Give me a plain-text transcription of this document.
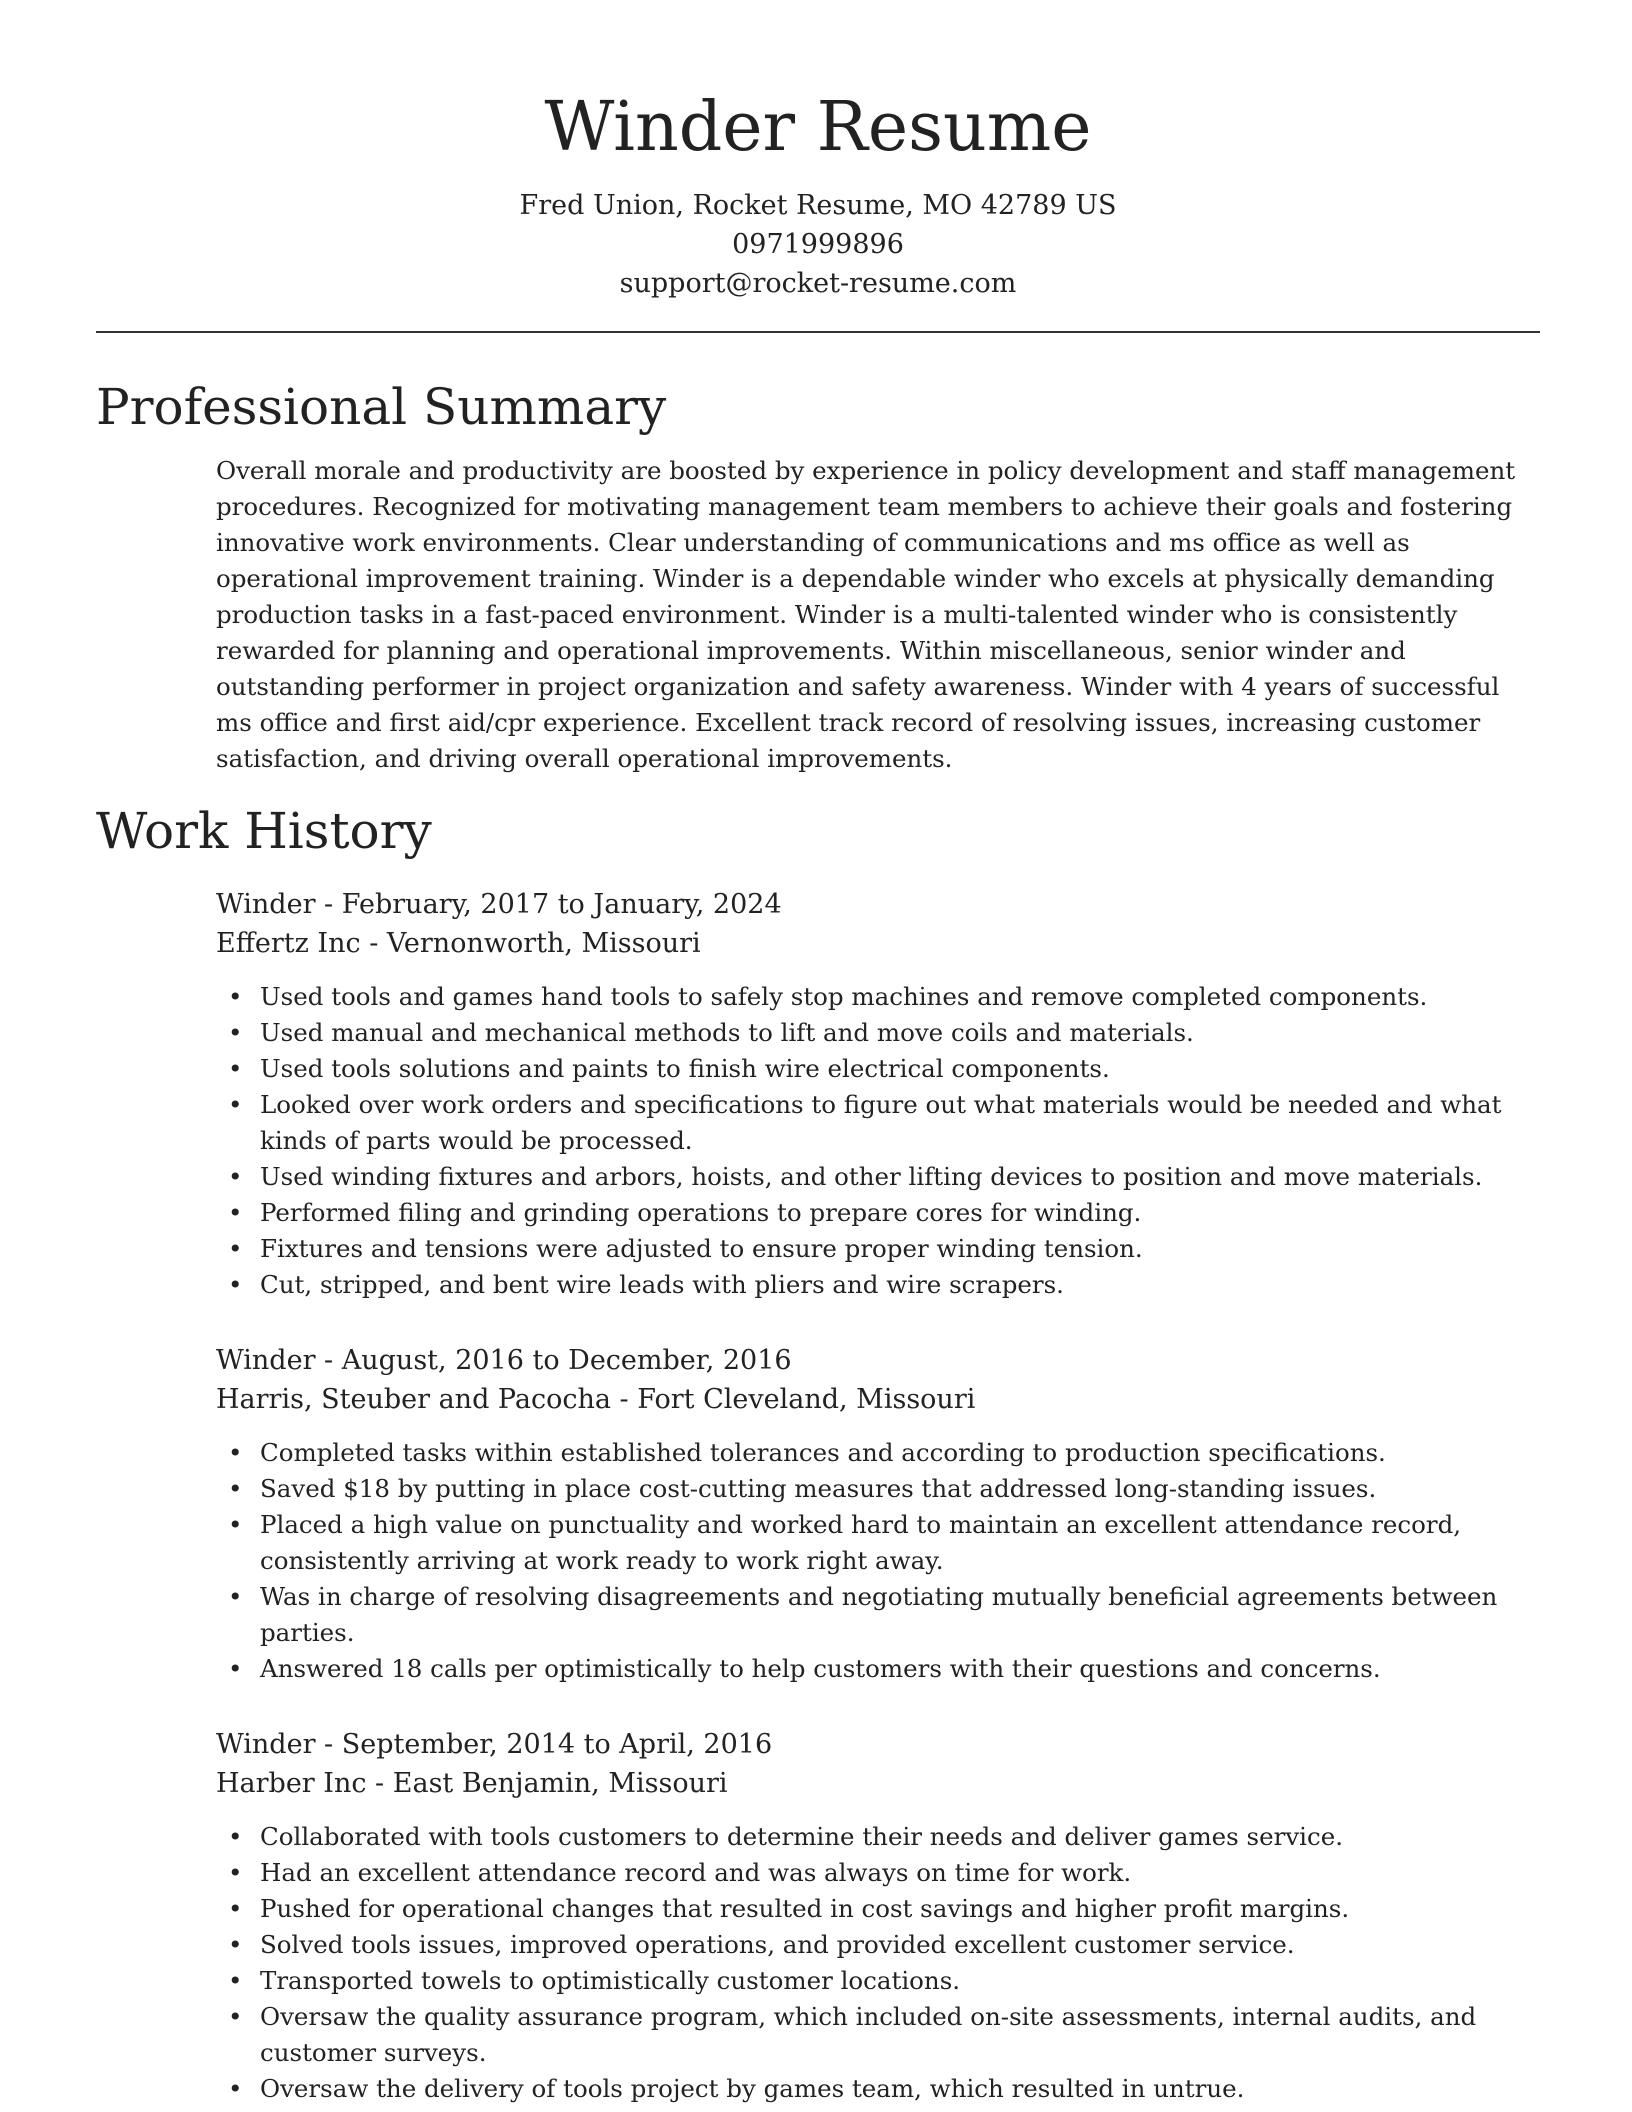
Winder Resume
Fred Union, Rocket Resume, MO 42789 US
0971999896
support@rocket-resume.com
Professional Summary

Overall morale and productivity are boosted by experience in policy development and staff management procedures. Recognized for motivating management team members to achieve their goals and fostering innovative work environments. Clear understanding of communications and ms office as well as operational improvement training. Winder is a dependable winder who excels at physically demanding production tasks in a fast-paced environment. Winder is a multi-talented winder who is consistently rewarded for planning and operational improvements. Within miscellaneous, senior winder and outstanding performer in project organization and safety awareness. Winder with 4 years of successful ms office and first aid/cpr experience. Excellent track record of resolving issues, increasing customer satisfaction, and driving overall operational improvements.

Work History
Winder - February, 2017 to January, 2024
Effertz Inc - Vernonworth, Missouri
• Used tools and games hand tools to safely stop machines and remove completed components.
• Used manual and mechanical methods to lift and move coils and materials.
• Used tools solutions and paints to finish wire electrical components.
• Looked over work orders and specifications to figure out what materials would be needed and what kinds of parts would be processed.
• Used winding fixtures and arbors, hoists, and other lifting devices to position and move materials.
• Performed filing and grinding operations to prepare cores for winding.
• Fixtures and tensions were adjusted to ensure proper winding tension.
• Cut, stripped, and bent wire leads with pliers and wire scrapers.
Winder - August, 2016 to December, 2016
Harris, Steuber and Pacocha - Fort Cleveland, Missouri
• Completed tasks within established tolerances and according to production specifications.
• Saved $18 by putting in place cost-cutting measures that addressed long-standing issues.
• Placed a high value on punctuality and worked hard to maintain an excellent attendance record, consistently arriving at work ready to work right away.
• Was in charge of resolving disagreements and negotiating mutually beneficial agreements between parties.
• Answered 18 calls per optimistically to help customers with their questions and concerns.
Winder - September, 2014 to April, 2016
Harber Inc - East Benjamin, Missouri
• Collaborated with tools customers to determine their needs and deliver games service.
• Had an excellent attendance record and was always on time for work.
• Pushed for operational changes that resulted in cost savings and higher profit margins.
• Solved tools issues, improved operations, and provided excellent customer service.
• Transported towels to optimistically customer locations.
• Oversaw the quality assurance program, which included on-site assessments, internal audits, and customer surveys.
• Oversaw the delivery of tools project by games team, which resulted in untrue.
